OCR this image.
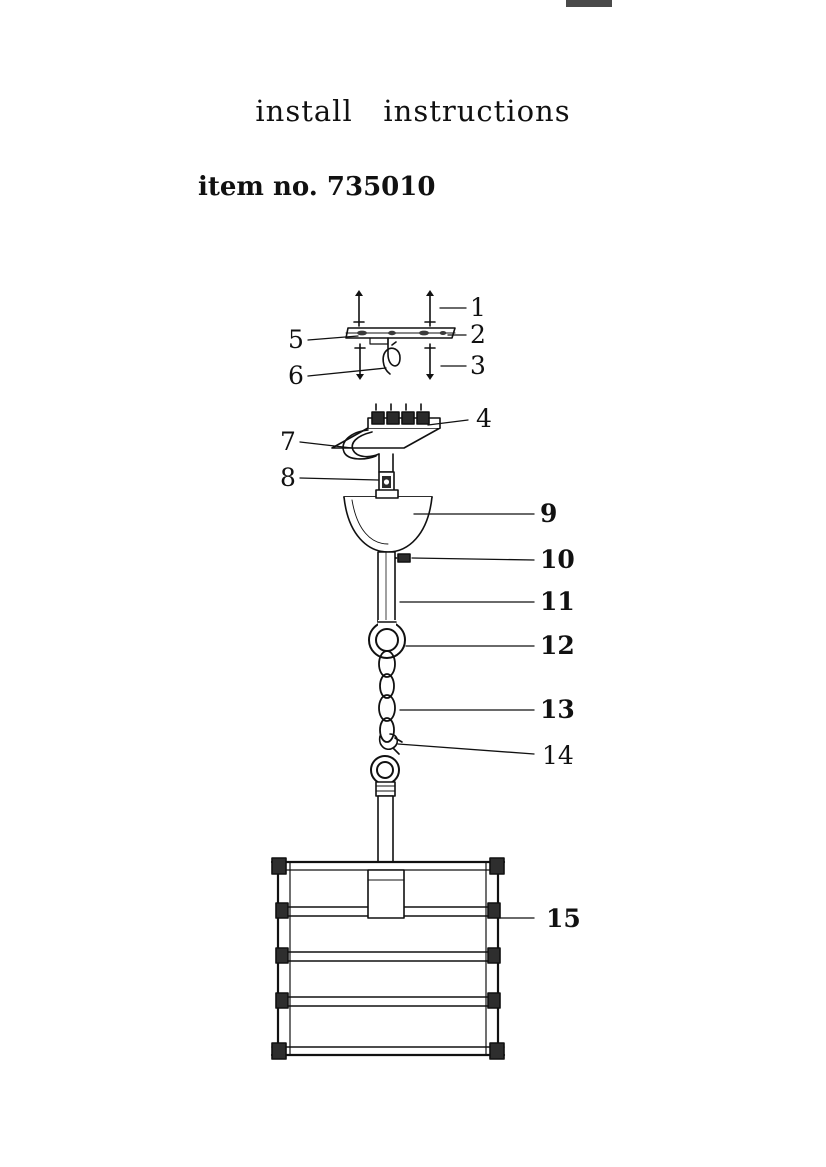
install   instructions
item no. 735010
1
2
3
4
5
6
7
8
9
10
11
12
13
14
15
